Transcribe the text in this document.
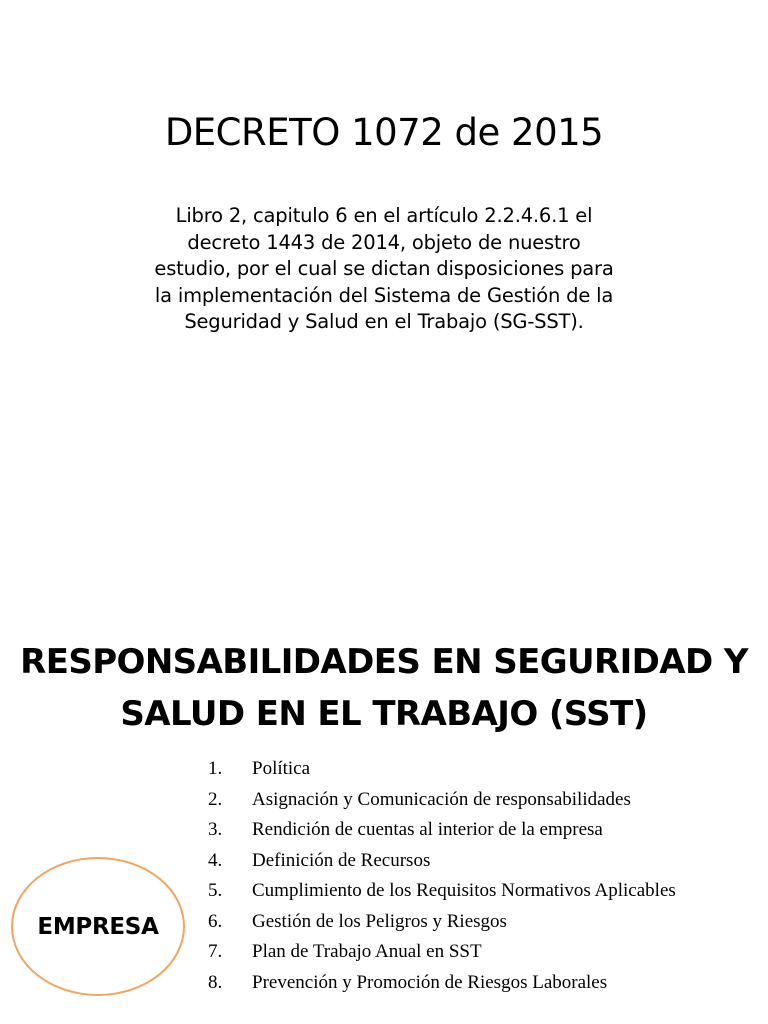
DECRETO 1072 de 2015

Libro 2, capitulo 6 en el artículo 2.2.4.6.1 el
decreto 1443 de 2014, objeto de nuestro
estudio, por el cual se dictan disposiciones para
la implementación del Sistema de Gestión de la
Seguridad y Salud en el Trabajo (SG-SST).

RESPONSABILIDADES EN SEGURIDAD Y
SALUD EN EL TRABAJO (SST)
EMPRESA
1.	Política
2.	Asignación y Comunicación de responsabilidades
3.	Rendición de cuentas al interior de la empresa
4.	Definición de Recursos
5.	Cumplimiento de los Requisitos Normativos Aplicables
6.	Gestión de los Peligros y Riesgos
7.	Plan de Trabajo Anual en SST
8.	Prevención y Promoción de Riesgos Laborales
